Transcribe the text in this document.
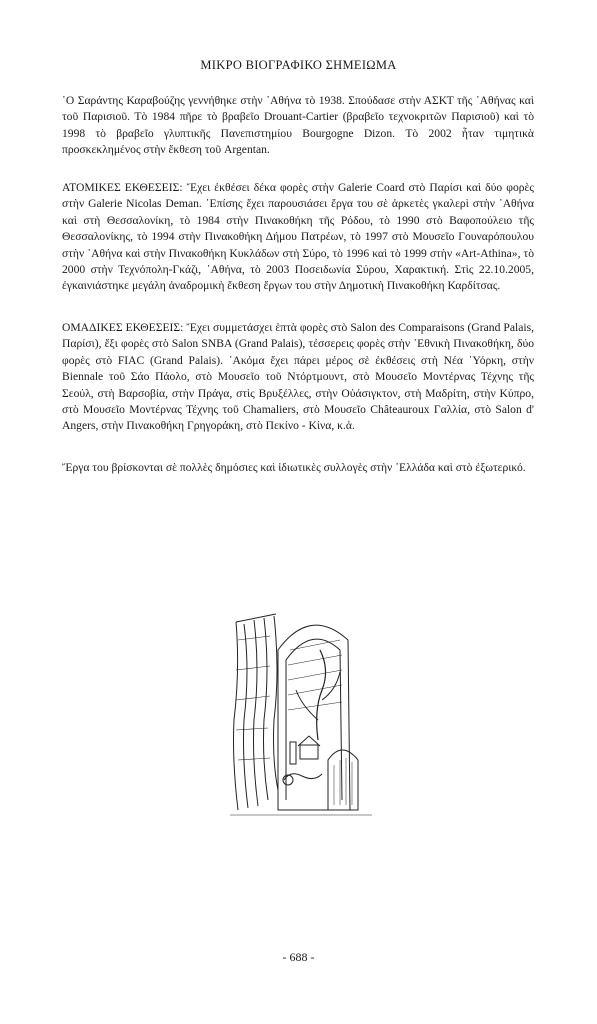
ΜΙΚΡΟ ΒΙΟΓΡΑΦΙΚΟ ΣΗΜΕΙΩΜΑ

῾Ο Σαράντης Καραβούζης γεννήθηκε στὴν ᾿Αθήνα τὸ 1938. Σπούδασε στὴν ΑΣΚΤ τῆς ᾿Αθήνας καὶ τοῦ Παρισιοῦ. Τὸ 1984 πῆρε τὸ βραβεῖο Drouant-Cartier (βραβεῖο τεχνοκριτῶν Παρισιοῦ) καὶ τὸ 1998 τὸ βραβεῖο γλυπτικῆς Πανεπιστημίου Bourgogne Dizon. Τὸ 2002 ἦταν τιμητικὰ προσκεκλημένος στὴν ἔκθεση τοῦ Argentan.

ΑΤΟΜΙΚΕΣ ΕΚΘΕΣΕΙΣ: Ἔχει ἐκθέσει δέκα φορὲς στὴν Galerie Coard στὸ Παρίσι καὶ δύο φορὲς στὴν Galerie Nicolas Deman. ᾿Επίσης ἔχει παρουσιάσει ἔργα του σὲ ἀρκετὲς γκαλερὶ στὴν ᾿Αθήνα καὶ στὴ Θεσσαλονίκη, τὸ 1984 στὴν Πινακοθήκη τῆς Ρόδου, τὸ 1990 στὸ Βαφοπούλειο τῆς Θεσσαλονίκης, τὸ 1994 στὴν Πινακοθήκη Δήμου Πατρέων, τὸ 1997 στὸ Μουσεῖο Γουναρόπουλου στὴν ᾿Αθήνα καὶ στὴν Πινακοθήκη Κυκλάδων στὴ Σύρο, τὸ 1996 καὶ τὸ 1999 στὴν «Art-Athina», τὸ 2000 στὴν Τεχνόπολη-Γκάζι, ᾿Αθήνα, τὸ 2003 Ποσειδωνία Σύρου, Χαρακτική. Στὶς 22.10.2005, ἐγκαινιάστηκε μεγάλη ἀναδρομικὴ ἔκθεση ἔργων του στὴν Δημοτικὴ Πινακοθήκη Καρδίτσας.

ΟΜΑΔΙΚΕΣ ΕΚΘΕΣΕΙΣ: Ἔχει συμμετάσχει ἑπτὰ φορὲς στὸ Salon des Comparaisons (Grand Palais, Παρίσι), ἕξι φορὲς στὸ Salon SNBA (Grand Palais), τέσσερεις φορὲς στὴν ᾿Εθνικὴ Πινακοθήκη, δύο φορὲς στὸ FIAC (Grand Palais). ᾿Ακόμα ἔχει πάρει μέρος σὲ ἐκθέσεις στὴ Νέα ῾Υόρκη, στὴν Biennale τοῦ Σάο Πάολο, στὸ Μουσεῖο τοῦ Ντόρτμουντ, στὸ Μουσεῖο Μοντέρνας Τέχνης τῆς Σεούλ, στὴ Βαρσοβία, στὴν Πράγα, στὶς Βρυξέλλες, στὴν Οὐάσιγκτον, στὴ Μαδρίτη, στὴν Κύπρο, στὸ Μουσεῖο Μοντέρνας Τέχνης τοῦ Chamaliers, στὸ Μουσεῖο Châteauroux Γαλλία, στὸ Salon d' Angers, στὴν Πινακοθήκη Γρηγοράκη, στὸ Πεκίνο - Κίνα, κ.ἀ.

Ἔργα του βρίσκονται σὲ πολλὲς δημόσιες καὶ ἰδιωτικὲς συλλογὲς στὴν ῾Ελλάδα καὶ στὸ ἐξωτερικό.

- 688 -
